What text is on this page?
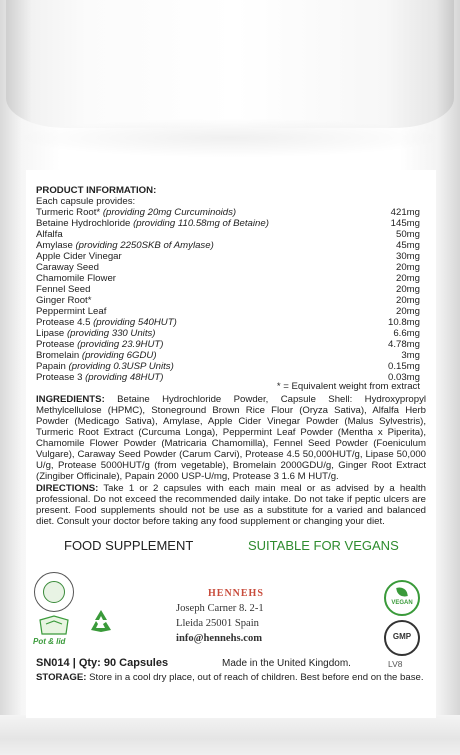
PRODUCT INFORMATION:
Each capsule provides:
Turmeric Root* (providing 20mg Curcuminoids)	421mg
Betaine Hydrochloride (providing 110.58mg of Betaine)	145mg
Alfalfa	50mg
Amylase (providing 2250SKB of Amylase)	45mg
Apple Cider Vinegar	30mg
Caraway Seed	20mg
Chamomile Flower	20mg
Fennel Seed	20mg
Ginger Root*	20mg
Peppermint Leaf	20mg
Protease 4.5 (providing 540HUT)	10.8mg
Lipase (providing 330 Units)	6.6mg
Protease (providing 23.9HUT)	4.78mg
Bromelain (providing 6GDU)	3mg
Papain (providing 0.3USP Units)	0.15mg
Protease 3 (providing 48HUT)	0.03mg
* = Equivalent weight from extract
INGREDIENTS: Betaine Hydrochloride Powder, Capsule Shell: Hydroxypropyl Methylcellulose (HPMC), Stoneground Brown Rice Flour (Oryza Sativa), Alfalfa Herb Powder (Medicago Sativa), Amylase, Apple Cider Vinegar Powder (Malus Sylvestris), Turmeric Root Extract (Curcuma Longa), Peppermint Leaf Powder (Mentha x Piperita), Chamomile Flower Powder (Matricaria Chamomilla), Fennel Seed Powder (Foeniculum Vulgare), Caraway Seed Powder (Carum Carvi), Protease 4.5 50,000HUT/g, Lipase 50,000 U/g, Protease 5000HUT/g (from vegetable), Bromelain 2000GDU/g, Ginger Root Extract (Zingiber Officinale), Papain 2000 USP-U/mg, Protease 3 1.6 M HUT/g.
DIRECTIONS: Take 1 or 2 capsules with each main meal or as advised by a health professional. Do not exceed the recommended daily intake. Do not take if peptic ulcers are present. Food supplements should not be use as a substitute for a varied and balanced diet. Consult your doctor before taking any food supplement or changing your diet.
FOOD SUPPLEMENT	SUITABLE FOR VEGANS
Pot & lid
HENNEHS
Joseph Carner 8. 2-1
Lleida 25001 Spain
info@hennehs.com
VEGAN
GMP
SN014 | Qty: 90 Capsules	Made in the United Kingdom.	LV8
STORAGE: Store in a cool dry place, out of reach of children. Best before end on the base.
